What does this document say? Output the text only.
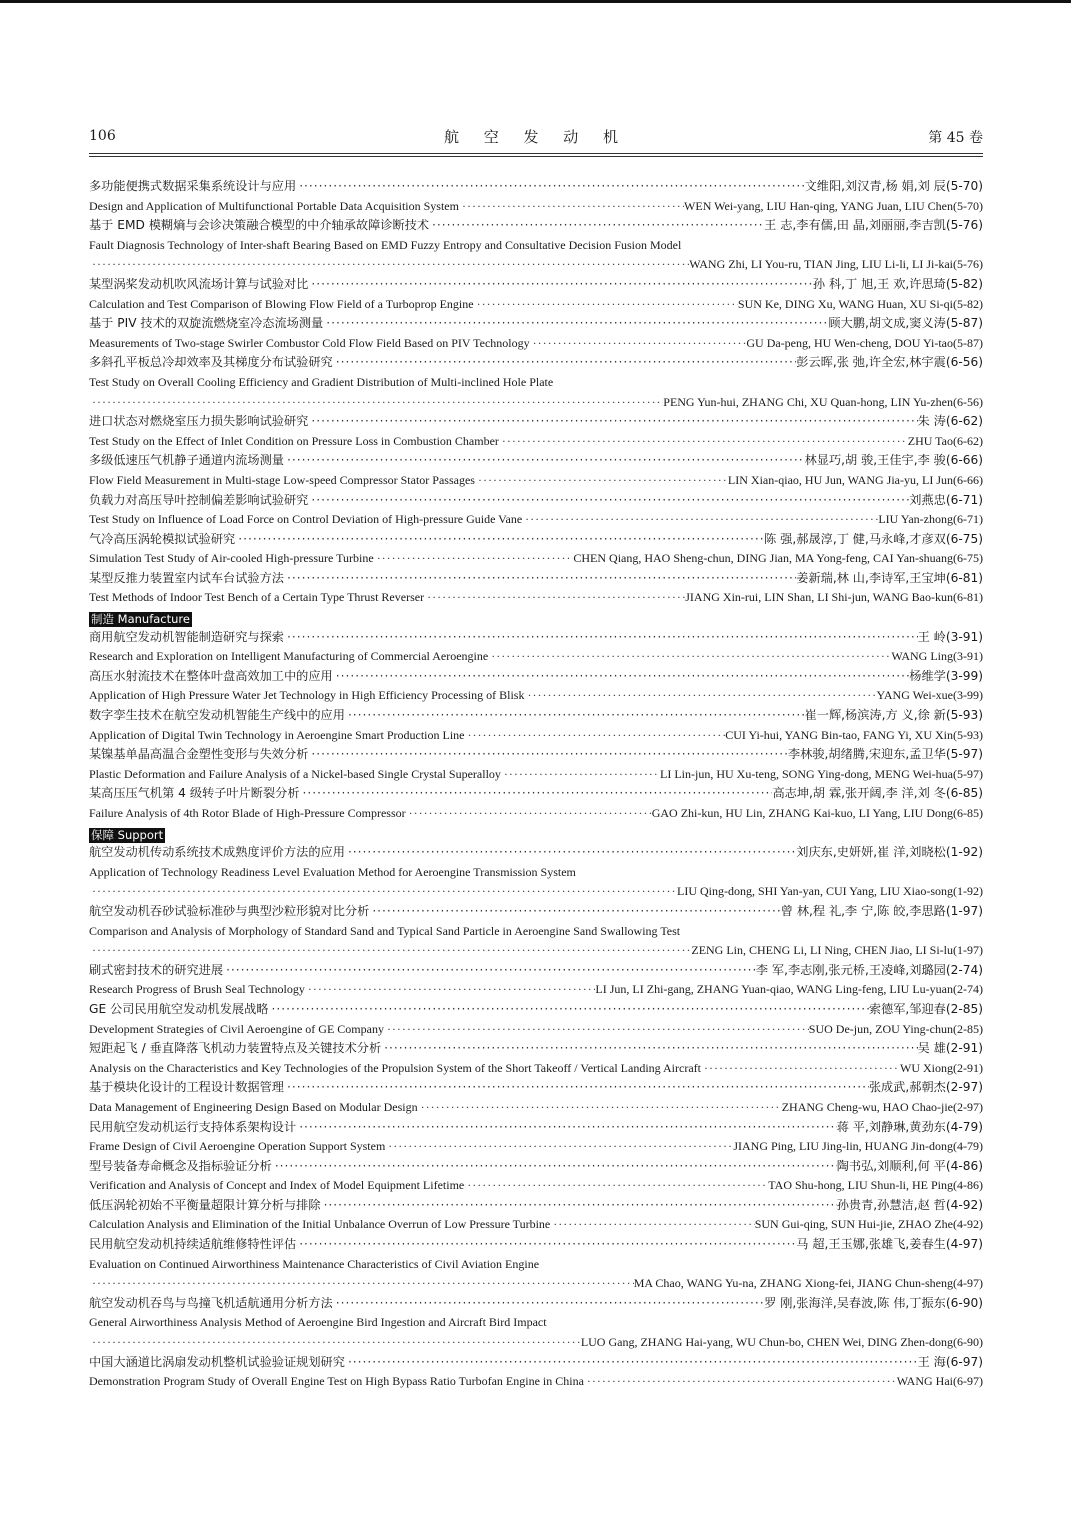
106	航 空 发 动 机	第 45 卷
多功能便携式数据采集系统设计与应用 ·····	文维阳,刘汉青,杨 娟,刘 辰(5-70)
Design and Application of Multifunctional Portable Data Acquisition System ·····	WEN Wei-yang, LIU Han-qing, YANG Juan, LIU Chen(5-70)
基于 EMD 模糊熵与会诊决策融合模型的中介轴承故障诊断技术 ·····	王 志,李有儒,田 晶,刘丽丽,李吉凯(5-76)
Fault Diagnosis Technology of Inter-shaft Bearing Based on EMD Fuzzy Entropy and Consultative Decision Fusion Model
·····
WANG Zhi, LI You-ru, TIAN Jing, LIU Li-li, LI Ji-kai(5-76)
某型涡桨发动机吹风流场计算与试验对比 ·····	孙 科,丁 旭,王 欢,许思琦(5-82)
Calculation and Test Comparison of Blowing Flow Field of a Turboprop Engine ·····	SUN Ke, DING Xu, WANG Huan, XU Si-qi(5-82)
基于 PIV 技术的双旋流燃烧室冷态流场测量 ·····	顾大鹏,胡文成,窦义涛(5-87)
Measurements of Two-stage Swirler Combustor Cold Flow Field Based on PIV Technology ·····	GU Da-peng, HU Wen-cheng, DOU Yi-tao(5-87)
多斜孔平板总冷却效率及其梯度分布试验研究 ·····	彭云晖,张 弛,许全宏,林宇震(6-56)
Test Study on Overall Cooling Efficiency and Gradient Distribution of Multi-inclined Hole Plate
·····
PENG Yun-hui, ZHANG Chi, XU Quan-hong, LIN Yu-zhen(6-56)
进口状态对燃烧室压力损失影响试验研究 ·····	朱 涛(6-62)
Test Study on the Effect of Inlet Condition on Pressure Loss in Combustion Chamber ·····	ZHU Tao(6-62)
多级低速压气机静子通道内流场测量 ·····	林显巧,胡 骏,王佳宇,李 骏(6-66)
Flow Field Measurement in Multi-stage Low-speed Compressor Stator Passages ·····	LIN Xian-qiao, HU Jun, WANG Jia-yu, LI Jun(6-66)
负载力对高压导叶控制偏差影响试验研究 ·····	刘燕忠(6-71)
Test Study on Influence of Load Force on Control Deviation of High-pressure Guide Vane ·····	LIU Yan-zhong(6-71)
气冷高压涡轮模拟试验研究 ·····	陈 强,郝晟淳,丁 健,马永峰,才彦双(6-75)
Simulation Test Study of Air-cooled High-pressure Turbine ·····	CHEN Qiang, HAO Sheng-chun, DING Jian, MA Yong-feng, CAI Yan-shuang(6-75)
某型反推力装置室内试车台试验方法 ·····	姜新瑞,林 山,李诗军,王宝坤(6-81)
Test Methods of Indoor Test Bench of a Certain Type Thrust Reverser ·····	JIANG Xin-rui, LIN Shan, LI Shi-jun, WANG Bao-kun(6-81)
制造 Manufacture
商用航空发动机智能制造研究与探索 ·····	王 岭(3-91)
Research and Exploration on Intelligent Manufacturing of Commercial Aeroengine ·····	WANG Ling(3-91)
高压水射流技术在整体叶盘高效加工中的应用 ·····	杨维学(3-99)
Application of High Pressure Water Jet Technology in High Efficiency Processing of Blisk ·····	YANG Wei-xue(3-99)
数字孪生技术在航空发动机智能生产线中的应用 ·····	崔一辉,杨滨涛,方 义,徐 新(5-93)
Application of Digital Twin Technology in Aeroengine Smart Production Line ·····	CUI Yi-hui, YANG Bin-tao, FANG Yi, XU Xin(5-93)
某镍基单晶高温合金塑性变形与失效分析 ·····	李林骏,胡绪腾,宋迎东,孟卫华(5-97)
Plastic Deformation and Failure Analysis of a Nickel-based Single Crystal Superalloy ·····	LI Lin-jun, HU Xu-teng, SONG Ying-dong, MENG Wei-hua(5-97)
某高压压气机第 4 级转子叶片断裂分析 ·····	高志坤,胡 霖,张开阔,李 洋,刘 冬(6-85)
Failure Analysis of 4th Rotor Blade of High-Pressure Compressor ·····	GAO Zhi-kun, HU Lin, ZHANG Kai-kuo, LI Yang, LIU Dong(6-85)
保障 Support
航空发动机传动系统技术成熟度评价方法的应用 ·····	刘庆东,史妍妍,崔 洋,刘晓松(1-92)
Application of Technology Readiness Level Evaluation Method for Aeroengine Transmission System
·····
LIU Qing-dong, SHI Yan-yan, CUI Yang, LIU Xiao-song(1-92)
航空发动机吞砂试验标准砂与典型沙粒形貌对比分析 ·····	曾 林,程 礼,李 宁,陈 皎,李思路(1-97)
Comparison and Analysis of Morphology of Standard Sand and Typical Sand Particle in Aeroengine Sand Swallowing Test
·····
ZENG Lin, CHENG Li, LI Ning, CHEN Jiao, LI Si-lu(1-97)
刷式密封技术的研究进展 ·····	李 军,李志刚,张元桥,王凌峰,刘璐园(2-74)
Research Progress of Brush Seal Technology ·····	LI Jun, LI Zhi-gang, ZHANG Yuan-qiao, WANG Ling-feng, LIU Lu-yuan(2-74)
GE 公司民用航空发动机发展战略 ·····	索德军,邹迎春(2-85)
Development Strategies of Civil Aeroengine of GE Company ·····	SUO De-jun, ZOU Ying-chun(2-85)
短距起飞 / 垂直降落飞机动力装置特点及关键技术分析 ·····	吴 雄(2-91)
Analysis on the Characteristics and Key Technologies of the Propulsion System of the Short Takeoff / Vertical Landing Aircraft ·····	WU Xiong(2-91)
基于模块化设计的工程设计数据管理 ·····	张成武,郝朝杰(2-97)
Data Management of Engineering Design Based on Modular Design ·····	ZHANG Cheng-wu, HAO Chao-jie(2-97)
民用航空发动机运行支持体系架构设计 ·····	蒋 平,刘静琳,黄劲东(4-79)
Frame Design of Civil Aeroengine Operation Support System ·····	JIANG Ping, LIU Jing-lin, HUANG Jin-dong(4-79)
型号装备寿命概念及指标验证分析 ·····	陶书弘,刘顺利,何 平(4-86)
Verification and Analysis of Concept and Index of Model Equipment Lifetime ·····	TAO Shu-hong, LIU Shun-li, HE Ping(4-86)
低压涡轮初始不平衡量超限计算分析与排除 ·····	孙贵青,孙慧洁,赵 哲(4-92)
Calculation Analysis and Elimination of the Initial Unbalance Overrun of Low Pressure Turbine ·····	SUN Gui-qing, SUN Hui-jie, ZHAO Zhe(4-92)
民用航空发动机持续适航维修特性评估 ·····	马 超,王玉娜,张雄飞,姜春生(4-97)
Evaluation on Continued Airworthiness Maintenance Characteristics of Civil Aviation Engine
·····
MA Chao, WANG Yu-na, ZHANG Xiong-fei, JIANG Chun-sheng(4-97)
航空发动机吞鸟与鸟撞飞机适航通用分析方法 ·····	罗 刚,张海洋,吴春波,陈 伟,丁振东(6-90)
General Airworthiness Analysis Method of Aeroengine Bird Ingestion and Aircraft Bird Impact
·····
LUO Gang, ZHANG Hai-yang, WU Chun-bo, CHEN Wei, DING Zhen-dong(6-90)
中国大涵道比涡扇发动机整机试验验证规划研究 ·····	王 海(6-97)
Demonstration Program Study of Overall Engine Test on High Bypass Ratio Turbofan Engine in China ·····	WANG Hai(6-97)
